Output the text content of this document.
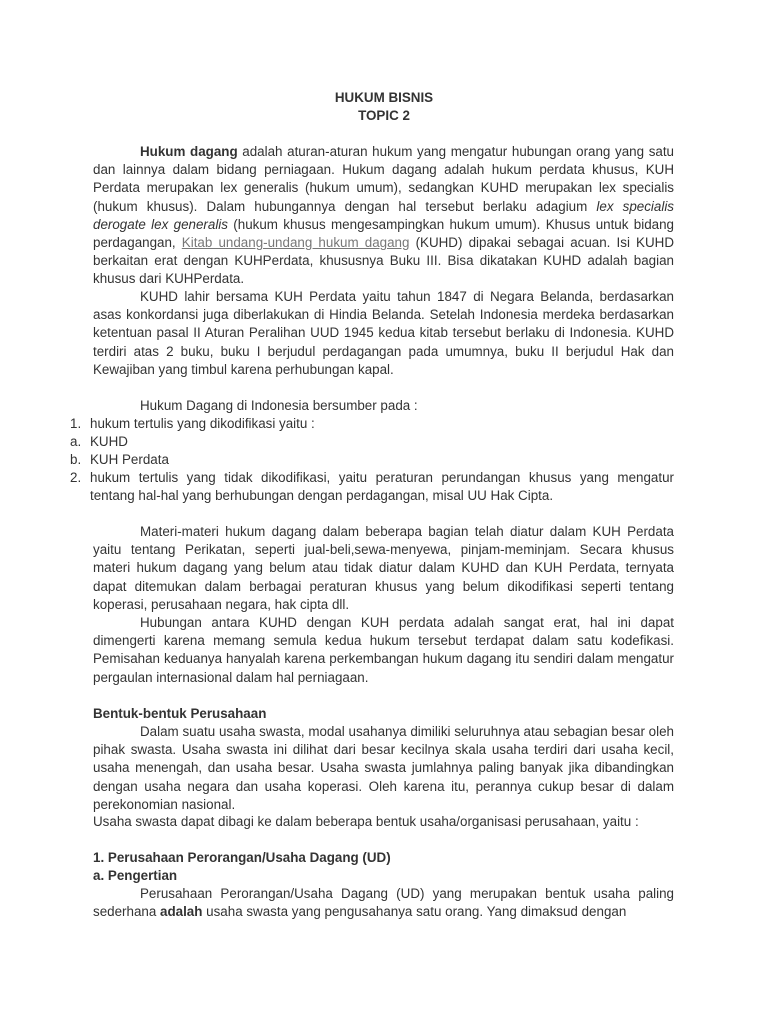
HUKUM BISNIS
TOPIC 2

Hukum dagang adalah aturan-aturan hukum yang mengatur hubungan orang yang satu dan lainnya dalam bidang perniagaan. Hukum dagang adalah hukum perdata khusus, KUH Perdata merupakan lex generalis (hukum umum), sedangkan KUHD merupakan lex specialis (hukum khusus). Dalam hubungannya dengan hal tersebut berlaku adagium lex specialis derogate lex generalis (hukum khusus mengesampingkan hukum umum). Khusus untuk bidang perdagangan, Kitab undang-undang hukum dagang (KUHD) dipakai sebagai acuan. Isi KUHD berkaitan erat dengan KUHPerdata, khususnya Buku III. Bisa dikatakan KUHD adalah bagian khusus dari KUHPerdata.

KUHD lahir bersama KUH Perdata yaitu tahun 1847 di Negara Belanda, berdasarkan asas konkordansi juga diberlakukan di Hindia Belanda. Setelah Indonesia merdeka berdasarkan ketentuan pasal II Aturan Peralihan UUD 1945 kedua kitab tersebut berlaku di Indonesia. KUHD terdiri atas 2 buku, buku I berjudul perdagangan pada umumnya, buku II berjudul Hak dan Kewajiban yang timbul karena perhubungan kapal.

Hukum Dagang di Indonesia bersumber pada :
1. hukum tertulis yang dikodifikasi yaitu :
a. KUHD
b. KUH Perdata
2. hukum tertulis yang tidak dikodifikasi, yaitu peraturan perundangan khusus yang mengatur tentang hal-hal yang berhubungan dengan perdagangan, misal UU Hak Cipta.

Materi-materi hukum dagang dalam beberapa bagian telah diatur dalam KUH Perdata yaitu tentang Perikatan, seperti jual-beli,sewa-menyewa, pinjam-meminjam. Secara khusus materi hukum dagang yang belum atau tidak diatur dalam KUHD dan KUH Perdata, ternyata dapat ditemukan dalam berbagai peraturan khusus yang belum dikodifikasi seperti tentang koperasi, perusahaan negara, hak cipta dll.

Hubungan antara KUHD dengan KUH perdata adalah sangat erat, hal ini dapat dimengerti karena memang semula kedua hukum tersebut terdapat dalam satu kodefikasi. Pemisahan keduanya hanyalah karena perkembangan hukum dagang itu sendiri dalam mengatur pergaulan internasional dalam hal perniagaan.

Bentuk-bentuk Perusahaan

Dalam suatu usaha swasta, modal usahanya dimiliki seluruhnya atau sebagian besar oleh pihak swasta. Usaha swasta ini dilihat dari besar kecilnya skala usaha terdiri dari usaha kecil, usaha menengah, dan usaha besar. Usaha swasta jumlahnya paling banyak jika dibandingkan dengan usaha negara dan usaha koperasi. Oleh karena itu, perannya cukup besar di dalam perekonomian nasional.

Usaha swasta dapat dibagi ke dalam beberapa bentuk usaha/organisasi perusahaan, yaitu :

1. Perusahaan Perorangan/Usaha Dagang (UD)
a. Pengertian

Perusahaan Perorangan/Usaha Dagang (UD) yang merupakan bentuk usaha paling sederhana adalah usaha swasta yang pengusahanya satu orang. Yang dimaksud dengan
